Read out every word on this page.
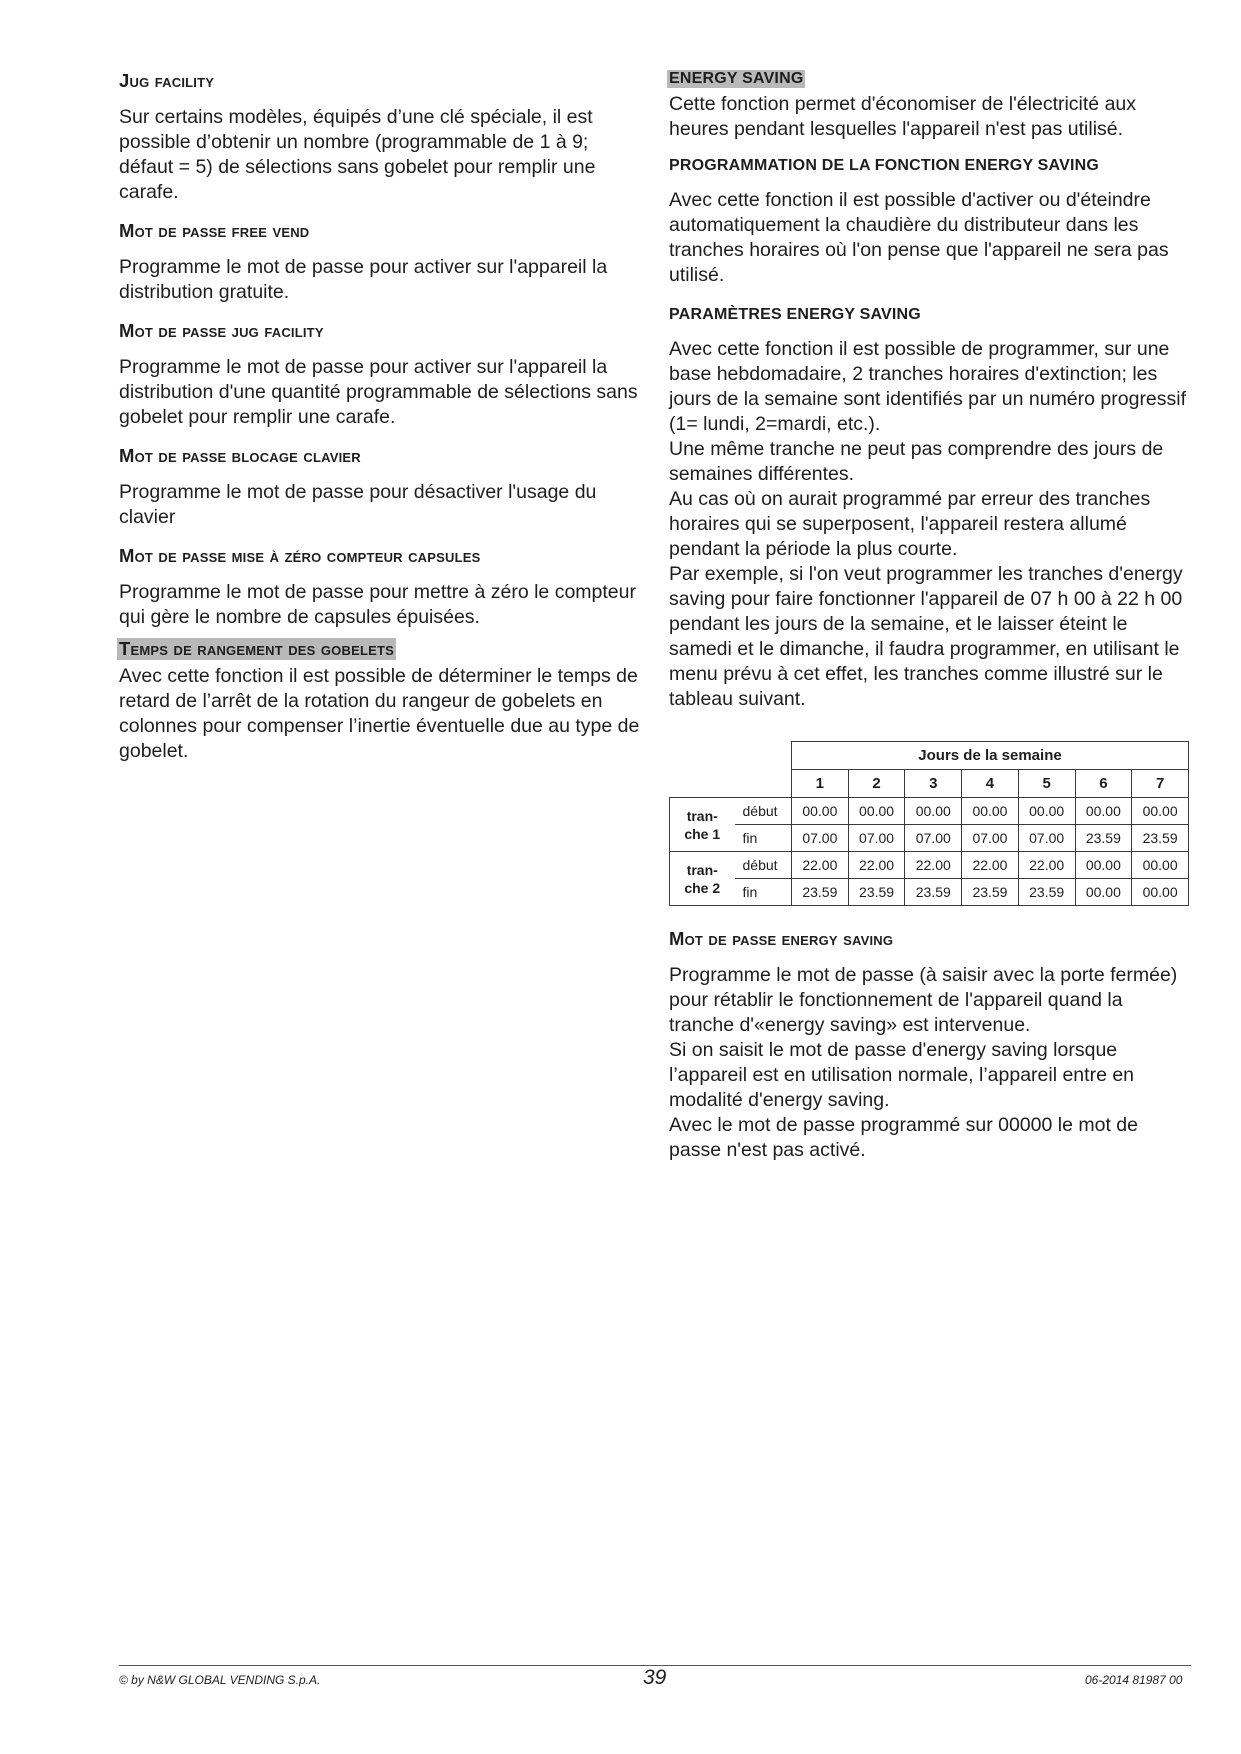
Jug facility

Sur certains modèles, équipés d’une clé spéciale, il est possible d’obtenir un nombre (programmable de 1 à 9; défaut = 5) de sélections sans gobelet pour remplir une carafe.

Mot de passe free vend

Programme le mot de passe pour activer sur l'appareil la distribution gratuite.

Mot de passe jug facility

Programme le mot de passe pour activer sur l'appareil la distribution d'une quantité programmable de sélections sans gobelet pour remplir une carafe.

Mot de passe blocage clavier

Programme le mot de passe pour désactiver l'usage du clavier

Mot de passe mise à zéro compteur capsules

Programme le mot de passe pour mettre à zéro le compteur qui gère le nombre de capsules épuisées.

Temps de rangement des gobelets

Avec cette fonction il est possible de déterminer le temps de retard de l’arrêt de la rotation du rangeur de gobelets en colonnes pour compenser l’inertie éventuelle due au type de gobelet.

ENERGY SAVING

Cette fonction permet d'économiser de l'électricité aux heures pendant lesquelles l'appareil n'est pas utilisé.

PROGRAMMATION DE LA FONCTION ENERGY SAVING

Avec cette fonction il est possible d'activer ou d'éteindre automatiquement la chaudière du distributeur dans les tranches horaires où l'on pense que l'appareil ne sera pas utilisé.

PARAMÈTRES ENERGY SAVING

Avec cette fonction il est possible de programmer, sur une base hebdomadaire, 2 tranches horaires d'extinction; les jours de la semaine sont identifiés par un numéro progressif (1= lundi, 2=mardi, etc.).

Une même tranche ne peut pas comprendre des jours de semaines différentes.

Au cas où on aurait programmé par erreur des tranches horaires qui se superposent, l'appareil restera allumé pendant la période la plus courte.

Par exemple, si l'on veut programmer les tranches d'energy saving pour faire fonctionner l'appareil de 07 h 00 à 22 h 00 pendant les jours de la semaine, et le laisser éteint le samedi et le dimanche, il faudra programmer, en utilisant le menu prévu à cet effet, les tranches comme illustré sur le tableau suivant.

		Jours de la semaine						
		1	2	3	4	5	6	7
tran-
che 1	début	00.00	00.00	00.00	00.00	00.00	00.00	00.00
	fin	07.00	07.00	07.00	07.00	07.00	23.59	23.59
tran-
che 2	début	22.00	22.00	22.00	22.00	22.00	00.00	00.00
	fin	23.59	23.59	23.59	23.59	23.59	00.00	00.00
Mot de passe energy saving

Programme le mot de passe (à saisir avec la porte fermée) pour rétablir le fonctionnement de l'appareil quand la tranche d'«energy saving» est intervenue.

Si on saisit le mot de passe d'energy saving lorsque l’appareil est en utilisation normale, l’appareil entre en modalité d'energy saving.

Avec le mot de passe programmé sur 00000 le mot de passe n'est pas activé.

© by N&W GLOBAL VENDING S.p.A.	39	06-2014 81987 00
